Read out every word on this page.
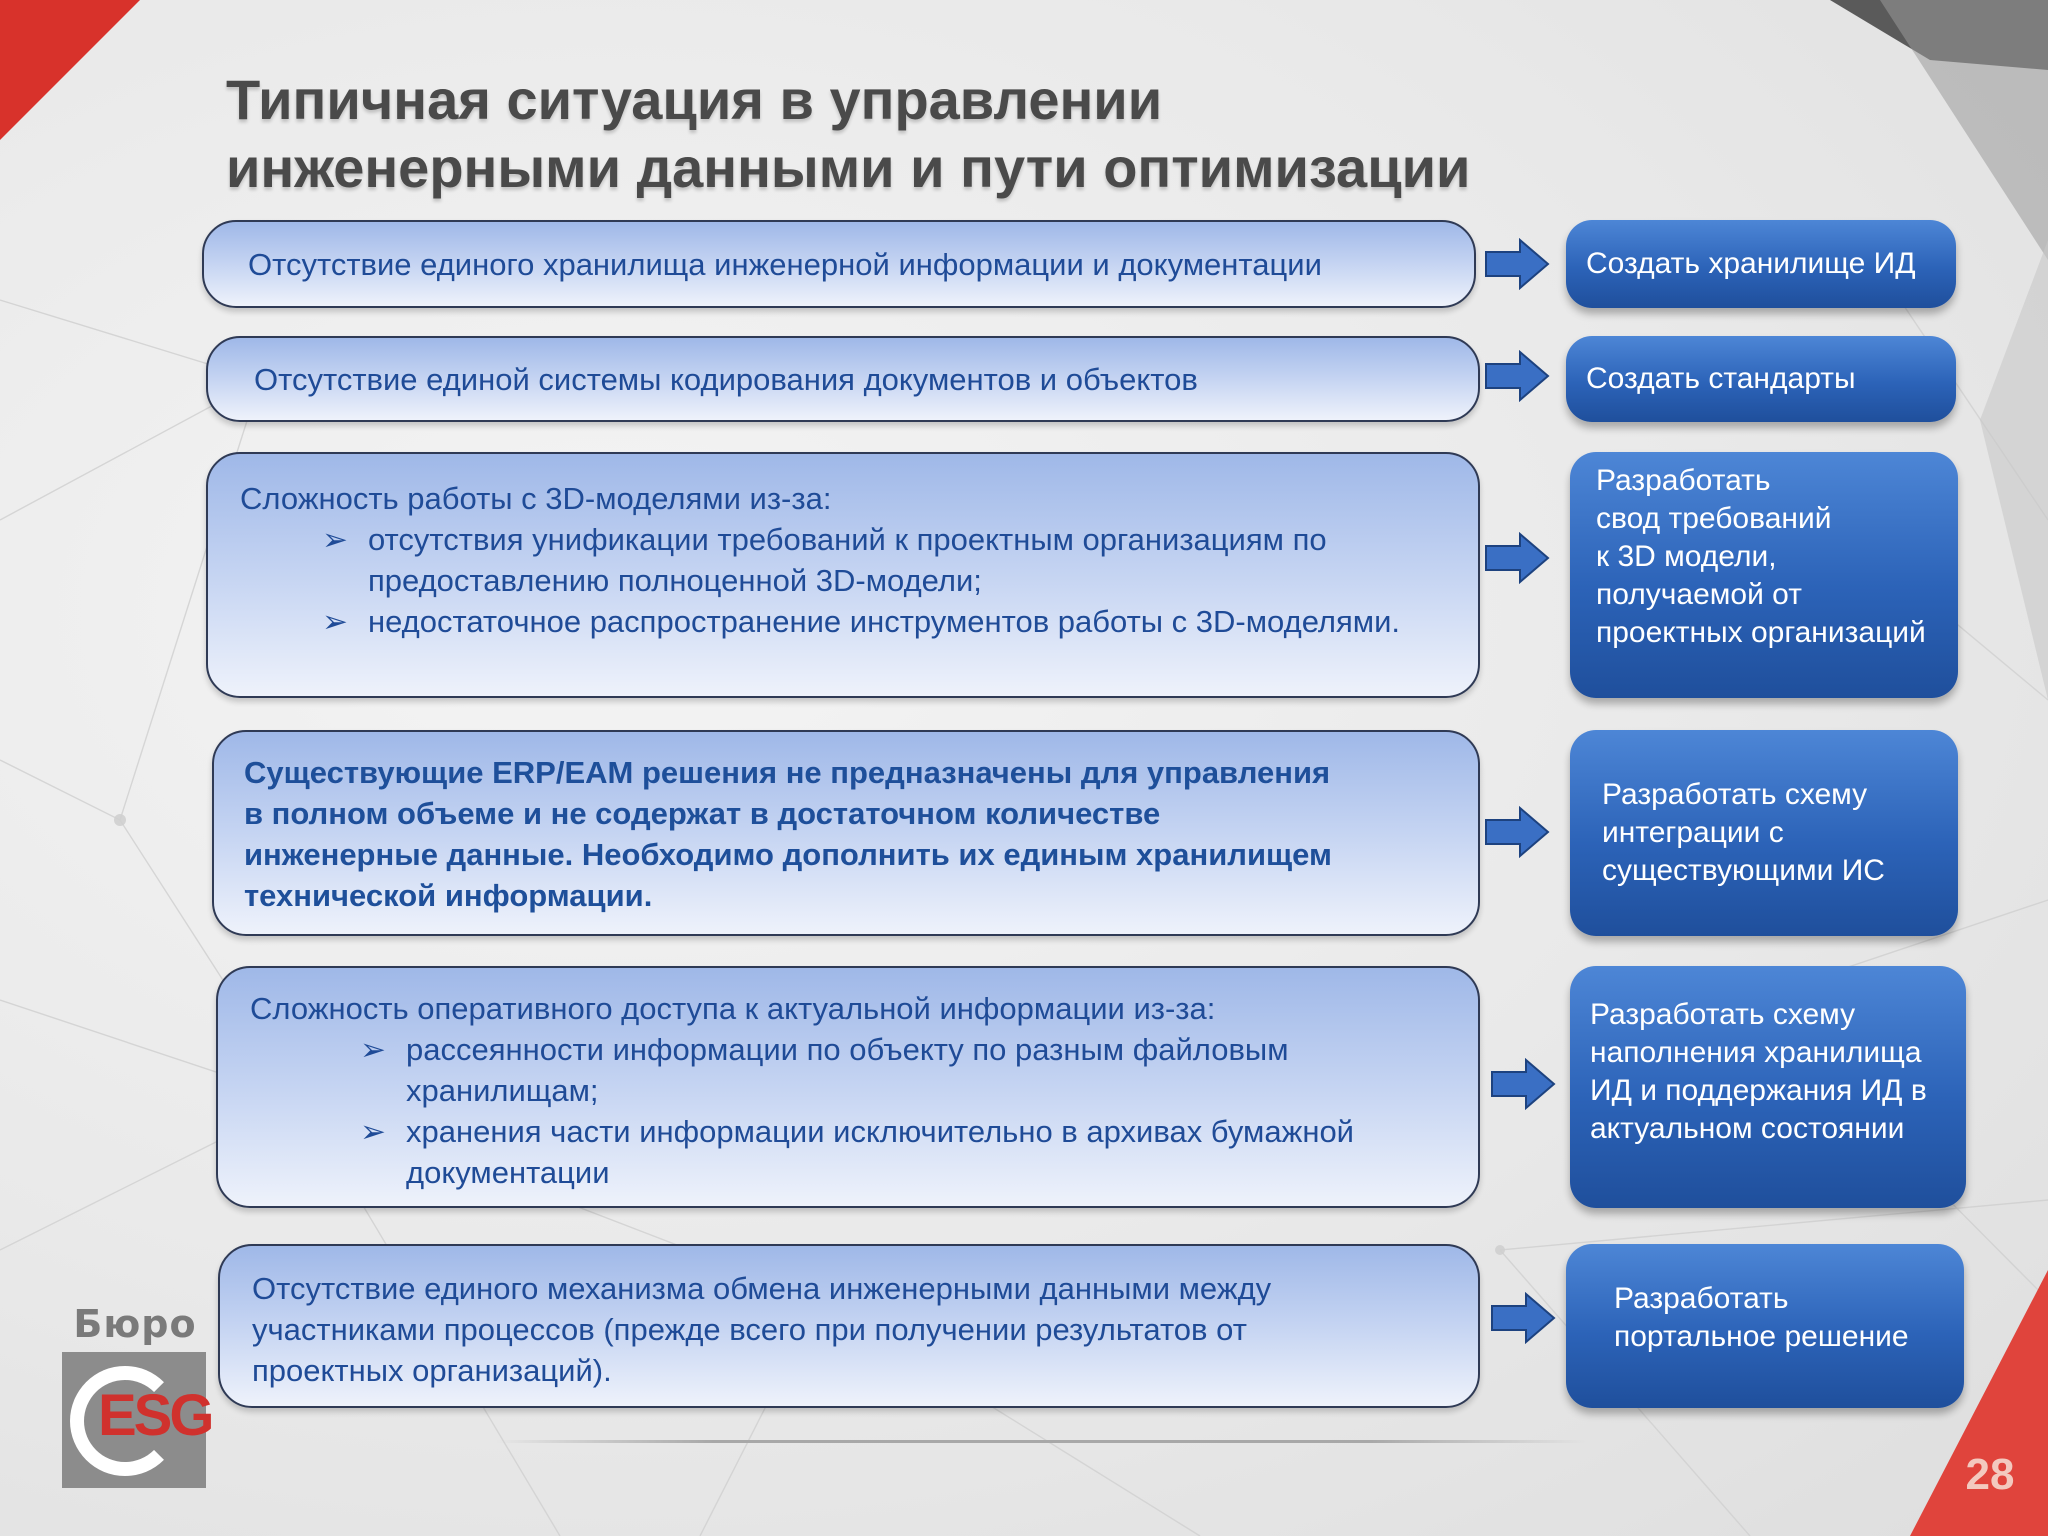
Типичная ситуация в управлении
инженерными данными и пути оптимизации
Отсутствие единого хранилища инженерной информации и документации	Создать хранилище ИД
Отсутствие единой системы кодирования документов и объектов	Создать стандарты
Сложность работы с 3D-моделями из-за:
➢ отсутствия унификации требований к проектным организациям по предоставлению полноценной 3D-модели;
➢ недостаточное распространение инструментов работы с 3D-моделями.
Разработать
свод требований
к 3D модели,
получаемой от
проектных организаций
Существующие ERP/EAM решения не предназначены для управления
в полном объеме и не содержат в достаточном количестве
инженерные данные. Необходимо дополнить их единым хранилищем
технической информации.
Разработать схему
интеграции с
существующими ИС
Сложность оперативного доступа к актуальной информации из-за:
➢ рассеянности информации по объекту по разным файловым хранилищам;
➢ хранения части информации исключительно в архивах бумажной документации
Разработать схему
наполнения хранилища
ИД и поддержания ИД в
актуальном состоянии
Отсутствие единого механизма обмена инженерными данными между
участниками процессов (прежде всего при получении результатов от
проектных организаций).
Разработать
портальное решение
Бюро
ESG
28
